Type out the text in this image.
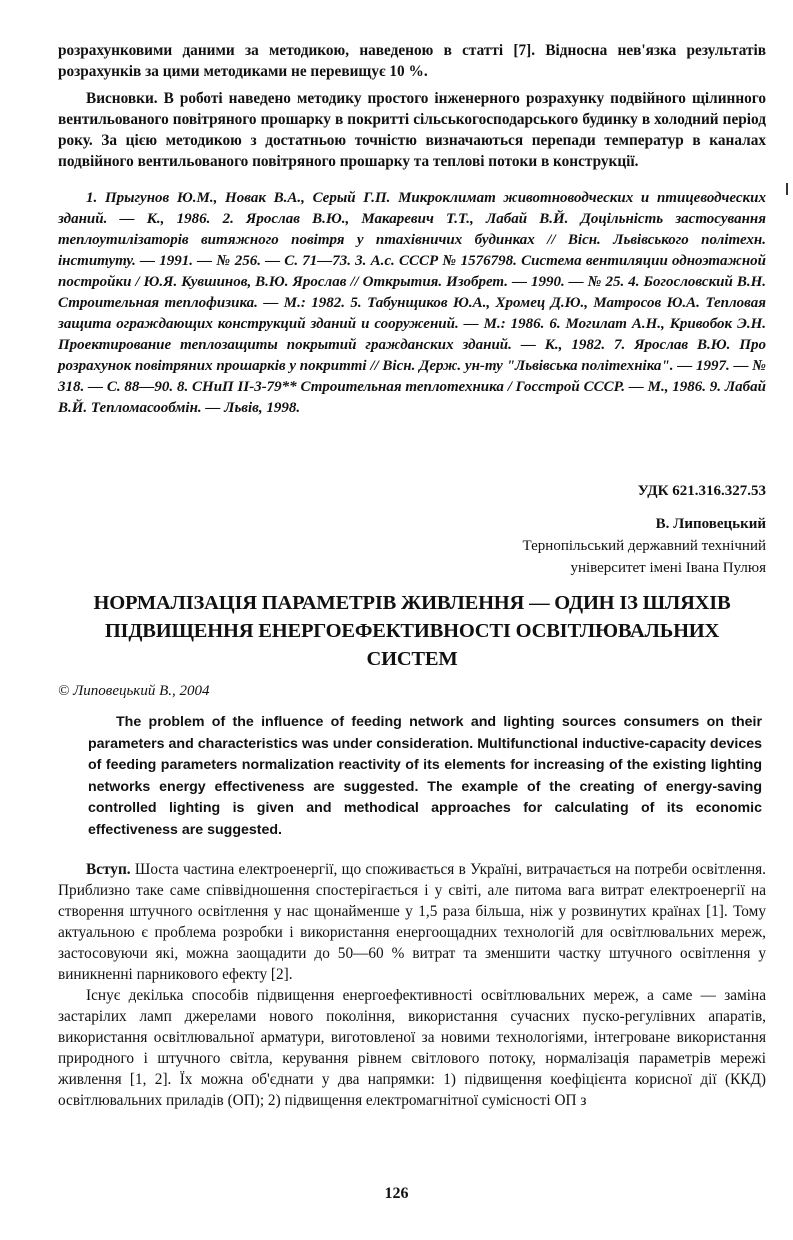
розрахунковими даними за методикою, наведеною в статті [7]. Відносна нев'язка результатів розрахунків за цими методиками не перевищує 10 %.

Висновки. В роботі наведено методику простого інженерного розрахунку подвійного щілинного вентильованого повітряного прошарку в покритті сільськогосподарського будинку в холодний період року. За цією методикою з достатньою точністю визначаються перепади температур в каналах подвійного вентильованого повітряного прошарку та теплові потоки в конструкції.

1. Прыгунов Ю.М., Новак В.А., Серый Г.П. Микроклимат животноводческих и птицеводческих зданий. — К., 1986. 2. Ярослав В.Ю., Макаревич Т.Т., Лабай В.Й. Доцільність застосування теплоутилізаторів витяжного повітря у птахівничих будинках // Вісн. Львівського політехн. інституту. — 1991. — № 256. — С. 71—73. 3. А.с. СССР № 1576798. Система вентиляции одноэтажной постройки / Ю.Я. Кувшинов, В.Ю. Ярослав // Открытия. Изобрет. — 1990. — № 25. 4. Богословский В.Н. Строительная теплофизика. — М.: 1982. 5. Табунщиков Ю.А., Хромец Д.Ю., Матросов Ю.А. Тепловая защита ограждающих конструкций зданий и сооружений. — М.: 1986. 6. Могилат А.Н., Кривобок Э.Н. Проектирование теплозащиты покрытий гражданских зданий. — К., 1982. 7. Ярослав В.Ю. Про розрахунок повітряних прошарків у покритті // Вісн. Держ. ун-ту "Львівська політехніка". — 1997. — № 318. — С. 88—90. 8. СНиП II-3-79** Строительная теплотехника / Госстрой СССР. — М., 1986. 9. Лабай В.Й. Тепломасообмін. — Львів, 1998.

УДК 621.316.327.53
В. Липовецький
Тернопільський державний технічний
університет імені Івана Пулюя
НОРМАЛІЗАЦІЯ ПАРАМЕТРІВ ЖИВЛЕННЯ — ОДИН ІЗ ШЛЯХІВ ПІДВИЩЕННЯ ЕНЕРГОЕФЕКТИВНОСТІ ОСВІТЛЮВАЛЬНИХ СИСТЕМ
© Липовецький В., 2004

The problem of the influence of feeding network and lighting sources consumers on their parameters and characteristics was under consideration. Multifunctional inductive-capacity devices of feeding parameters normalization reactivity of its elements for increasing of the existing lighting networks energy effectiveness are suggested. The example of the creating of energy-saving controlled lighting is given and methodical approaches for calculating of its economic effectiveness are suggested.

Вступ. Шоста частина електроенергії, що споживається в Україні, витрачається на потреби освітлення. Приблизно таке саме співвідношення спостерігається і у світі, але питома вага витрат електроенергії на створення штучного освітлення у нас щонайменше у 1,5 раза більша, ніж у розвинутих країнах [1]. Тому актуальною є проблема розробки і використання енергоощадних технологій для освітлювальних мереж, застосовуючи які, можна заощадити до 50—60 % витрат та зменшити частку штучного освітлення у виникненні парникового ефекту [2].

Існує декілька способів підвищення енергоефективності освітлювальних мереж, а саме — заміна застарілих ламп джерелами нового покоління, використання сучасних пуско-регулівних апаратів, використання освітлювальної арматури, виготовленої за новими технологіями, інтегроване використання природного і штучного світла, керування рівнем світлового потоку, нормалізація параметрів мережі живлення [1, 2]. Їх можна об'єднати у два напрямки: 1) підвищення коефіцієнта корисної дії (ККД) освітлювальних приладів (ОП); 2) підвищення електромагнітної сумісності ОП з

126
